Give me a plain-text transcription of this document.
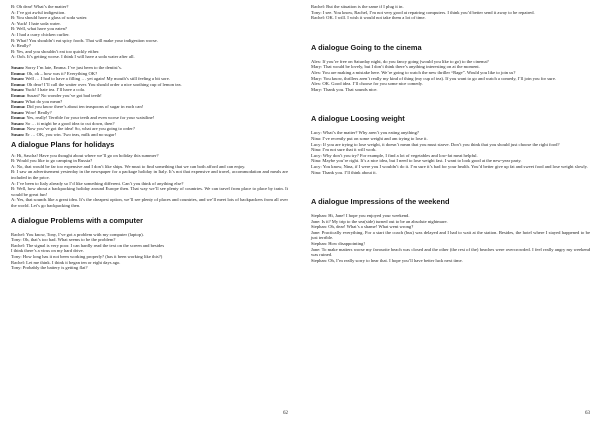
B: Oh dear! What’s the matter?
A: I’ve got awful indigestion.
B: You should have a glass of soda water.
A: Yuck! I hate soda water.
B: Well, what have you eaten?
A: I had a curry chicken curlier.
B: What! You shouldn’t eat spicy foods. That will make your indigestion worse.
A: Really?
B: Yes, and you shouldn’t eat too quickly either.
A: Ooh. It’s getting worse. I think I will have a soda water after all.
Susan: Sorry I’m late, Emma. I’ve just been to the dentist’s.
Emma: Oh, ok – how was it? Everything OK?
Susan: Well … I had to have a filling … yet again! My mouth’s still feeling a bit sore.
Emma: Oh dear! I’ll call the waiter over. You should order a nice soothing cup of lemon tea.
Susan: Yuck! I hate tea. I’ll have a cola.
Emma: Susan? No wonder you’ve got bad teeth!
Susan: What do you mean?
Emma: Did you know there’s about ten teaspoons of sugar in each can!
Susan: Wow! Really?
Emma: Yes, really! Terrible for your teeth and even worse for your waistline!
Susan: So … it might be a good idea to cut down, then?
Emma: Now you’ve got the idea! So, what are you going to order?
Susan: Er … OK, you win. Two teas, milk and no sugar!
A dialogue Plans for holidays
A: Hi, Sascha! Have you thought about where we’ll go on holiday this summer?
B: Would you like to go camping in Russia?
A: No, that would be far too expensive and I don’t like ships. We must to find something that we can both afford and can enjoy.
B: I saw an advertisement yesterday in the newspaper for a package holiday in Italy. It’s not that expensive and travel, accommodation and meals are included in the price.
A: I’ve been to Italy already so I’d like something different. Can’t you think of anything else?
B: Well, how about a backpacking holiday around Europe then. That way we’ll see plenty of countries. We can travel from place to place by train. It would be great fun!
A: Yes, that sounds like a great idea. It’s the cheapest option, we’ll see plenty of places and countries, and we’ll meet lots of backpackers from all over the world. Let’s go backpacking then.
A dialogue Problems with a computer
Rachel: You know, Tony, I’ve got a problem with my computer (laptop).
Tony: Oh, that’s too bad. What seems to be the problem?
Rachel: The signal is very poor. I can hardly read the text on the screen and besides
I think there’s a virus on my hard drive.
Tony: How long has it not been working properly? (has it been working like this?)
Rachel: Let me think. I think it began ten or eight days ago.
Tony: Probably the battery is getting flat?
62
Rachel: But the situation is the same if I plug it in.
Tony: I see. You know, Rachel, I’m not very good at repairing computers. I think you’d better send it away to be repaired.
Rachel: OK. I will. I wish it would not take them a lot of time.
A dialogue Going to the cinema
Alex: If you’re free on Saturday night, do you fancy going (would you like to go) to the cinema?
Mary: That would be lovely, but I don’t think there’s anything interesting on at the moment.
Alex: You are making a mistake here. We’re going to watch the new thriller “Rage”. Would you like to join us?
Mary: You know, thrillers aren’t really my kind of thing (my cup of tea). If you want to go and watch a comedy, I’ll join you for sure.
Alex: OK. Good idea. I’ll choose for you some nice comedy.
Mary: Thank you. That sounds nice.
A dialogue Loosing weight
Lucy: What’s the matter? Why aren’t you eating anything?
Nina: I’ve recently put on some weight and am trying to lose it.
Lucy: If you are trying to lose weight, it doesn’t mean that you must starve. Don’t you think that you should just choose the right food?
Nina: I’m not sure that it will work.
Lucy: Why don’t you try? For example, I find a lot of vegetables and low-fat meat helpful.
Nina: Maybe you’re right. It’s a nice idea, but I need to lose weight fast. I want to look good at the new-year party.
Lucy: You know, Nina, if I were you I wouldn’t do it. I’m sure it’s bad for your health. You’d better give up fat and sweet food and lose weight slowly.
Nina: Thank you. I’ll think about it.
A dialogue Impressions of the weekend
Stephan: Hi, Jane! I hope you enjoyed your weekend.
Jane: Is it? My trip to the sea(side) turned out to be an absolute nightmare.
Stephan: Oh, dear! What’s a shame! What went wrong?
Jane: Practically everything. For a start the coach (bus) was delayed and I had to wait at the station. Besides, the hotel where I stayed happened to be just terrible.
Stephan: How disappointing!
Jane: To make matters worse my favourite beach was closed and the other (the rest of the) beaches were overcrowded. I feel really angry my weekend was ruined.
Stephan: Oh, I’m really sorry to hear that. I hope you’ll have better luck next time.
63
